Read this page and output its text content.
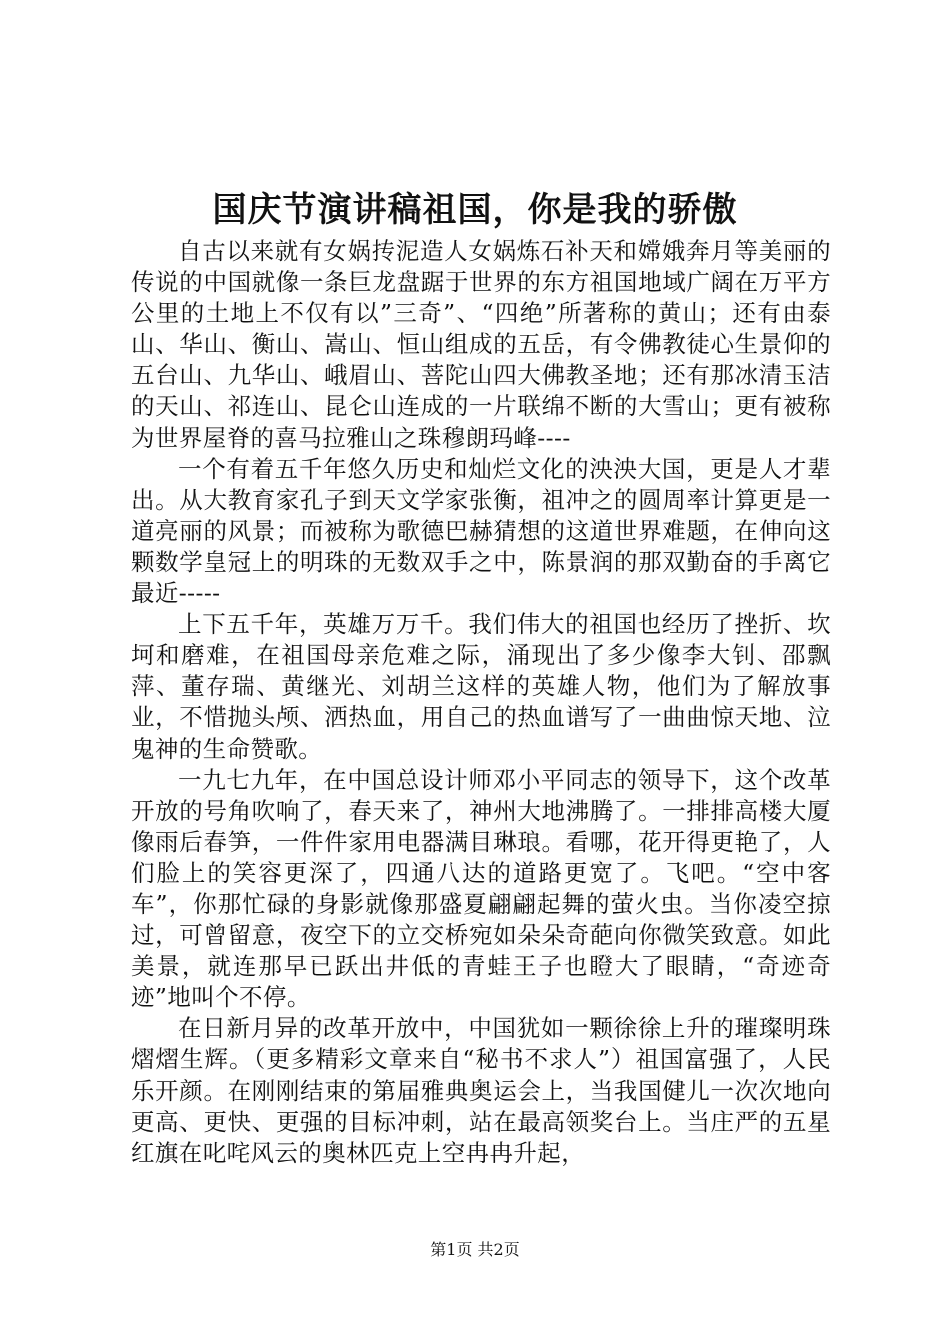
国庆节演讲稿祖国，你是我的骄傲

自古以来就有女娲抟泥造人女娲炼石补天和嫦娥奔月等美丽的传说的中国就像一条巨龙盘踞于世界的东方祖国地域广阔在万平方公里的土地上不仅有以”三奇”、“四绝”所著称的黄山；还有由泰山、华山、衡山、嵩山、恒山组成的五岳，有令佛教徒心生景仰的五台山、九华山、峨眉山、菩陀山四大佛教圣地；还有那冰清玉洁的天山、祁连山、昆仑山连成的一片联绵不断的大雪山；更有被称为世界屋脊的喜马拉雅山之珠穆朗玛峰----

一个有着五千年悠久历史和灿烂文化的泱泱大国，更是人才辈出。从大教育家孔子到天文学家张衡，祖冲之的圆周率计算更是一道亮丽的风景；而被称为歌德巴赫猜想的这道世界难题，在伸向这颗数学皇冠上的明珠的无数双手之中，陈景润的那双勤奋的手离它最近-----

上下五千年，英雄万万千。我们伟大的祖国也经历了挫折、坎坷和磨难，在祖国母亲危难之际，涌现出了多少像李大钊、邵飘萍、董存瑞、黄继光、刘胡兰这样的英雄人物，他们为了解放事业，不惜抛头颅、洒热血，用自己的热血谱写了一曲曲惊天地、泣鬼神的生命赞歌。

一九七九年，在中国总设计师邓小平同志的领导下，这个改革开放的号角吹响了，春天来了，神州大地沸腾了。一排排高楼大厦像雨后春笋，一件件家用电器满目琳琅。看哪，花开得更艳了，人们脸上的笑容更深了，四通八达的道路更宽了。飞吧。“空中客车”，你那忙碌的身影就像那盛夏翩翩起舞的萤火虫。当你凌空掠过，可曾留意，夜空下的立交桥宛如朵朵奇葩向你微笑致意。如此美景，就连那早已跃出井低的青蛙王子也瞪大了眼睛，“奇迹奇迹”地叫个不停。

在日新月异的改革开放中，中国犹如一颗徐徐上升的璀璨明珠熠熠生辉。（更多精彩文章来自“秘书不求人”）祖国富强了，人民乐开颜。在刚刚结束的第届雅典奥运会上，当我国健儿一次次地向更高、更快、更强的目标冲刺，站在最高领奖台上。当庄严的五星红旗在叱咤风云的奥林匹克上空冉冉升起，

第1页 共2页
